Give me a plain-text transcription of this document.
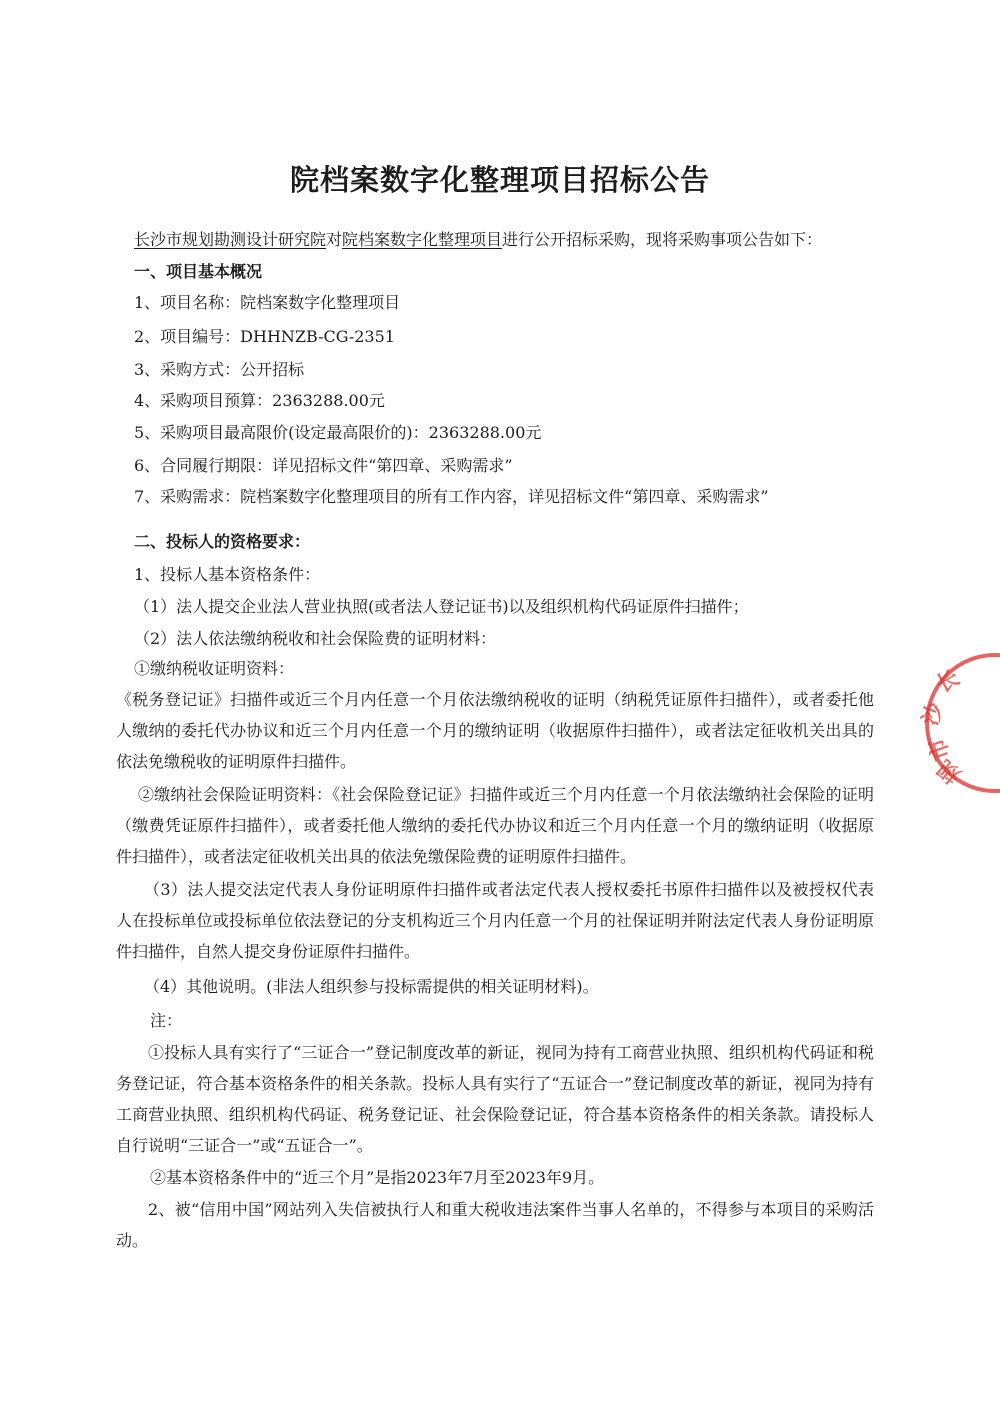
院档案数字化整理项目招标公告
长沙市规划勘测设计研究院对院档案数字化整理项目进行公开招标采购，现将采购事项公告如下：
一、项目基本概况
1、项目名称：院档案数字化整理项目
2、项目编号：DHHNZB-CG-2351
3、采购方式：公开招标
4、采购项目预算：2363288.00元
5、采购项目最高限价(设定最高限价的)：2363288.00元
6、合同履行期限：详见招标文件“第四章、采购需求”
7、采购需求：院档案数字化整理项目的所有工作内容，详见招标文件“第四章、采购需求”
二、投标人的资格要求：
1、投标人基本资格条件：
（1）法人提交企业法人营业执照(或者法人登记证书)以及组织机构代码证原件扫描件；
（2）法人依法缴纳税收和社会保险费的证明材料：
①缴纳税收证明资料：
《税务登记证》扫描件或近三个月内任意一个月依法缴纳税收的证明（纳税凭证原件扫描件），或者委托他人缴纳的委托代办协议和近三个月内任意一个月的缴纳证明（收据原件扫描件），或者法定征收机关出具的依法免缴税收的证明原件扫描件。
②缴纳社会保险证明资料：《社会保险登记证》扫描件或近三个月内任意一个月依法缴纳社会保险的证明（缴费凭证原件扫描件），或者委托他人缴纳的委托代办协议和近三个月内任意一个月的缴纳证明（收据原件扫描件），或者法定征收机关出具的依法免缴保险费的证明原件扫描件。
（3）法人提交法定代表人身份证明原件扫描件或者法定代表人授权委托书原件扫描件以及被授权代表人在投标单位或投标单位依法登记的分支机构近三个月内任意一个月的社保证明并附法定代表人身份证明原件扫描件，自然人提交身份证原件扫描件。
（4）其他说明。(非法人组织参与投标需提供的相关证明材料)。
注：
①投标人具有实行了“三证合一”登记制度改革的新证，视同为持有工商营业执照、组织机构代码证和税务登记证，符合基本资格条件的相关条款。投标人具有实行了“五证合一”登记制度改革的新证，视同为持有工商营业执照、组织机构代码证、税务登记证、社会保险登记证，符合基本资格条件的相关条款。请投标人自行说明“三证合一”或“五证合一”。
②基本资格条件中的“近三个月”是指2023年7月至2023年9月。
2、被“信用中国”网站列入失信被执行人和重大税收违法案件当事人名单的，不得参与本项目的采购活动。
长
沙
市
规
